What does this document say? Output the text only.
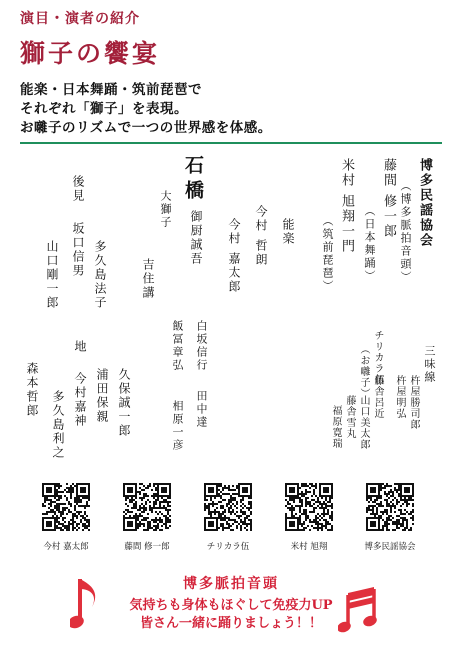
演目・演者の紹介
獅子の饗宴
能楽・日本舞踊・筑前琵琶で
それぞれ「獅子」を表現。
お囃子のリズムで一つの世界感を体感。
博多民謡協会
（博多脈拍音頭）
藤間 修一郎
（日本舞踊）
米村 旭翔一門
（筑前琵琶）
能楽
今村 哲朗
今村 嘉太郎
石橋
御厨誠吾
大獅子
白坂信行
田中達
飯冨章弘
相原一彦
後見
坂口信男
山口剛一郎	多久島法子	吉住講
地
久保誠一郎
浦田保親
今村嘉神
多久島利之
森本哲郎	三味線
杵屋勝司郎
杵屋明弘
チリカラ伍
（お囃子） 藤舎呂近
山口美太郎
藤舎雪丸
福原寛瑞
今村 嘉太郎	藤間 修一郎	チリカラ伍	米村 旭翔	博多民謡協会
博多脈拍音頭
気持ちも身体もほぐして免疫力UP
皆さん一緒に踊りましょう！！
